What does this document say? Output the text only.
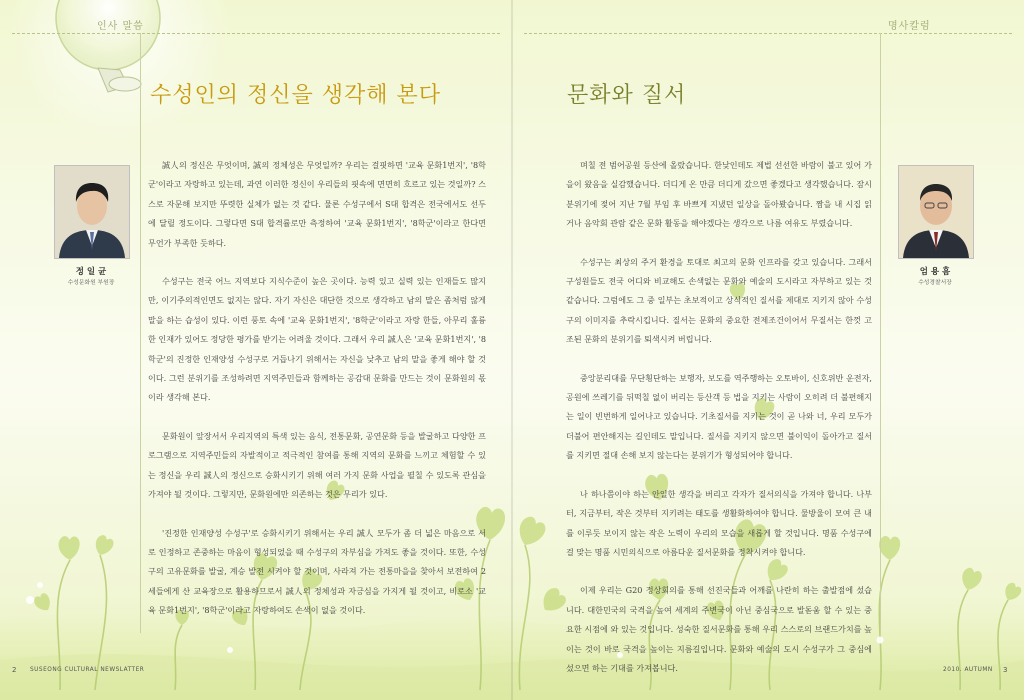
인사 말씀
수성인의 정신을 생각해 본다
정 일 균
수성문화원 부원장

誠人의 정신은 무엇이며, 誠의 정체성은 무엇일까? 우리는 걸핏하면 '교육 문화1번지', '8학군'이라고 자랑하고 있는데, 과연 이러한 정신이 우리들의 핏속에 면면히 흐르고 있는 것일까? 스스로 자문해 보지만 뚜렷한 실체가 없는 것 같다. 물론 수성구에서 S대 합격은 전국에서도 선두에 달릴 정도이다. 그렇다면 S대 합격률로만 측정하여 '교육 문화1번지', '8학군'이라고 한다면 무언가 부족한 듯하다.

수성구는 전국 어느 지역보다 지식수준이 높은 곳이다. 능력 있고 실력 있는 인재들도 많지만, 이기주의적인면도 없지는 않다. 자기 자신은 대단한 것으로 생각하고 남의 말은 좀처럼 않게 말을 하는 습성이 있다. 이런 풍토 속에 '교육 문화1번지', '8학군'이라고 자랑 한들, 아무리 훌륭한 인재가 있어도 정당한 평가를 받기는 어려울 것이다. 그래서 우리 誠人은 '교육 문화1번지', '8학군'의 진정한 인재양성 수성구로 거듭나기 위해서는 자신을 낮추고 남의 말을 좋게 해야 할 것이다. 그런 분위기를 조성하려면 지역주민들과 함께하는 공감대 문화를 만드는 것이 문화원의 몫이라 생각해 본다.

문화원이 앞장서서 우리지역의 특색 있는 음식, 전통문화, 공연문화 등을 발굴하고 다양한 프로그램으로 지역주민들의 자발적이고 적극적인 참여를 통해 지역의 문화를 느끼고 체험할 수 있는 정신을 우리 誠人의 정신으로 승화시키기 위해 여러 가지 문화 사업을 펼칠 수 있도록 관심을 가져야 될 것이다. 그렇지만, 문화원에만 의존하는 것은 무리가 있다.

'진정한 인재양성 수성구'로 승화시키기 위해서는 우리 誠人 모두가 좀 더 넓은 마음으로 서로 인정하고 존중하는 마음이 형성되었을 때 수성구의 자부심을 가져도 좋을 것이다. 또한, 수성구의 고유문화를 발굴, 계승 발전 시켜야 할 것이며, 사라져 가는 전통마을을 찾아서 보전하여 2세들에게 산 교육장으로 활용하므로서 誠人의 정체성과 자긍심을 가지게 될 것이고, 비로소 '교육 문화1번지', '8학군'이라고 자랑하여도 손색이 없을 것이다.

2 SUSEONG CULTURAL NEWSLATTER
명사칼럼
문화와 질서

며칠 전 범어공원 등산에 올랐습니다. 한낮인데도 제법 선선한 바람이 불고 있어 가을이 왔음을 실감했습니다. 더디게 온 만큼 더디게 갔으면 좋겠다고 생각했습니다. 잠시 분위기에 젖어 지난 7월 부임 후 바쁘게 지냈던 일상을 돌아봤습니다. 짬을 내 시집 읽거나 음악회 관람 같은 문화 활동을 해야겠다는 생각으로 나름 여유도 부렸습니다.

수성구는 최상의 주거 환경을 토대로 최고의 문화 인프라를 갖고 있습니다. 그래서 구성원들도 전국 어디와 비교해도 손색없는 문화와 예술의 도시라고 자부하고 있는 것 같습니다. 그럼에도 그 중 일부는 초보적이고 상식적인 질서를 제대로 지키지 않아 수성구의 이미지를 추락시킵니다. 질서는 문화의 중요한 전제조건이어서 무질서는 한껏 고조된 문화의 분위기를 퇴색시켜 버립니다.

중앙분리대를 무단횡단하는 보행자, 보도를 역주행하는 오토바이, 신호위반 운전자, 공원에 쓰레기를 뒤떡칠 없이 버리는 등산객 등 법을 지키는 사람이 오히려 더 불편해지는 일이 빈번하게 일어나고 있습니다. 기초질서를 지키는 것이 곧 나와 너, 우리 모두가 더불어 편안해지는 길인데도 말입니다. 질서를 지키지 않으면 불이익이 돌아가고 질서를 지키면 절대 손해 보지 않는다는 분위기가 형성되어야 합니다.

나 하나쯤이야 하는 안일한 생각을 버리고 각자가 질서의식을 가져야 합니다. 나부터, 지금부터, 작은 것부터 지키려는 태도를 생활화하여야 합니다. 물방울이 모여 큰 내를 이루듯 보이지 않는 작은 노력이 우리의 모습을 새롭게 할 것입니다. 명품 수성구에 걸 맞는 명품 시민의식으로 아름다운 질서문화를 정착시켜야 합니다.

이제 우리는 G20 정상회의를 통해 선진국들과 어깨를 나란히 하는 출발점에 섰습니다. 대한민국의 국격을 높여 세계의 주변국이 아닌 중심국으로 발돋움 할 수 있는 중요한 시점에 와 있는 것입니다. 성숙한 질서문화를 통해 우리 스스로의 브랜드가치를 높이는 것이 바로 국격을 높이는 지름길입니다. 문화와 예술의 도시 수성구가 그 중심에 섰으면 하는 기대를 가져봅니다.

엄 용 흠
수성경찰서장
2010. AUTUMN 3
